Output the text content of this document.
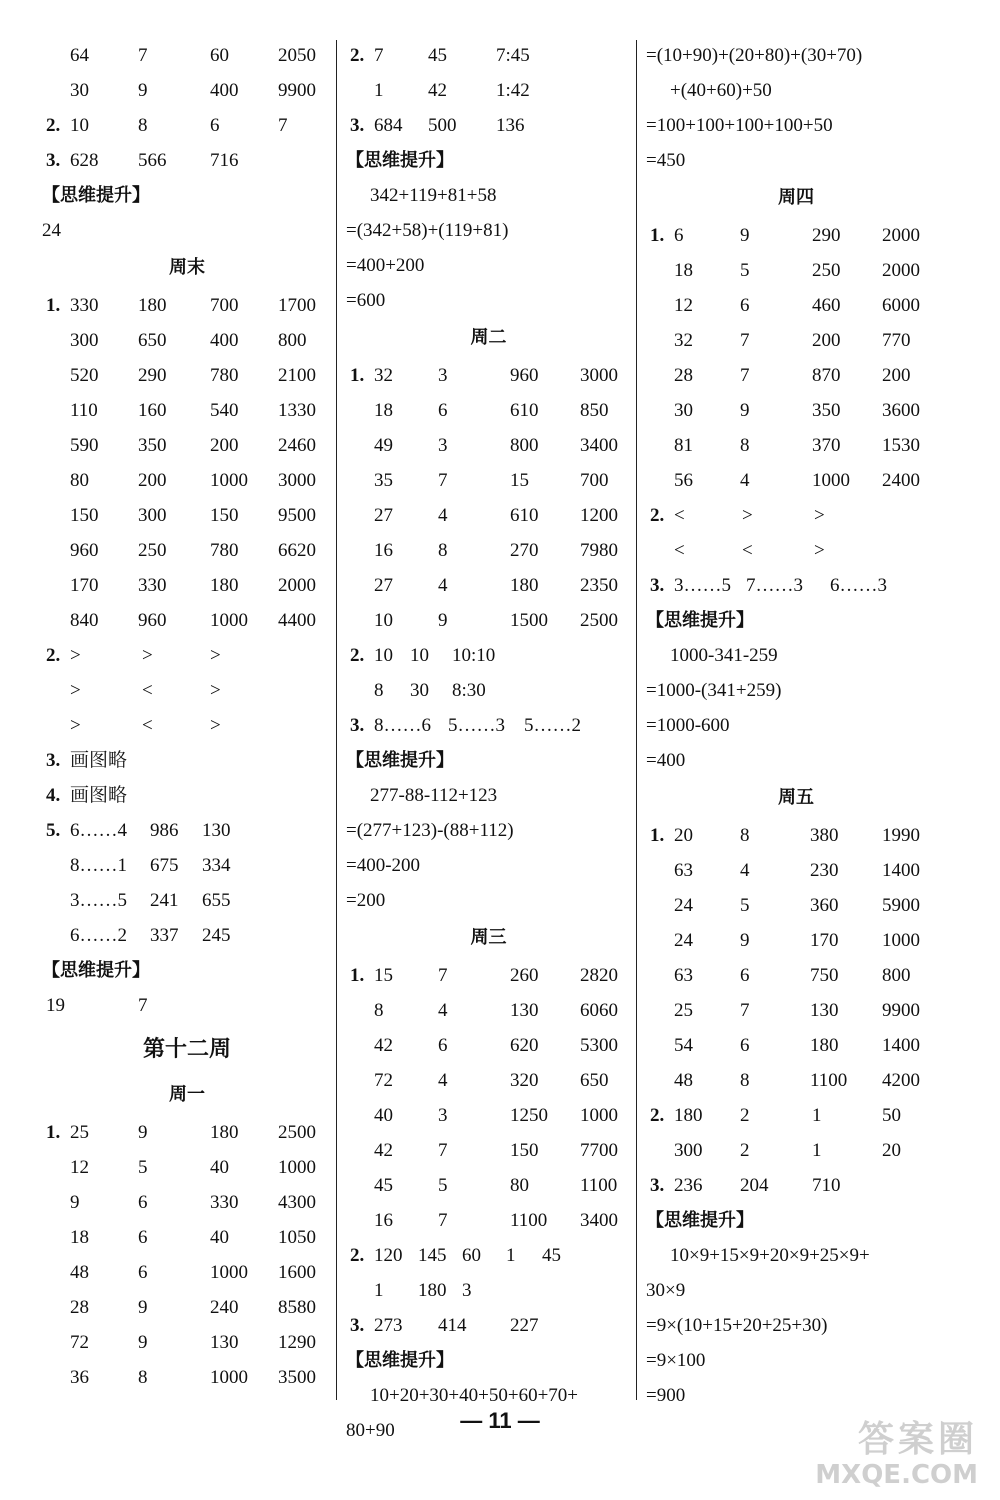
64	7	60	2050
30	9	400 9900
2. 10	8	6	7
3. 628 566 716
【思维提升】
24
周末
1. 330 180 700 1700
300 650 400 800
520 290 780 2100
110 160 540 1330
590 350 200 2460
80	200 1000 3000
150 300 150 9500
960 250 780 6620
170 330 180 2000
840 960 1000 4400
2. >	>	>
>	<	>
>	<	>
3. 画图略
4. 画图略
5. 6……4 986 130
8……1 675 334
3……5 241 655
6……2 337 245
【思维提升】
19	7
第十二周
周一
1. 25	9	180 2500
12	5	40	1000
9	6	330 4300
18	6	40	1050
48	6	1000 1600
28	9	240 8580
72	9	130 1290
36	8	1000 3500
2. 7 45	7:45
1 42	1:42
3. 684 500 136
【思维提升】
342+119+81+58
=(342+58)+(119+81)
=400+200
=600
周二
1. 32 3	960 3000
18 6	610 850
49 3	800 3400
35 7	15	700
27 4	610 1200
16 8	270 7980
27 4	180 2350
10 9	1500 2500
2. 10 10 10:10
8 30 8:30
3. 8……6 5……3 5……2
【思维提升】
277-88-112+123
=(277+123)-(88+112)
=400-200
=200
周三
1. 15 7	260 2820
8	4	130 6060
42 6	620 5300
72 4	320 650
40 3	1250 1000
42 7	150 7700
45 5	80	1100
16 7	1100 3400
2. 120 145 60 1 45
1 180 3
3. 273 414 227
【思维提升】
10+20+30+40+50+60+70+
80+90
=(10+90)+(20+80)+(30+70)
+(40+60)+50
=100+100+100+100+50
=450
周四
1. 6	9	290 2000
18 5	250 2000
12 6	460 6000
32 7	200 770
28 7	870 200
30 9	350 3600
81 8	370 1530
56 4	1000 2400
2. <	>	>
<	<	>
3. 3……5 7……3 6……3
【思维提升】
1000-341-259
=1000-(341+259)
=1000-600
=400
周五
1. 20 8	380 1990
63 4	230 1400
24 5	360 5900
24 9	170 1000
63 6	750 800
25 7	130 9900
54 6	180 1400
48 8	1100 4200
2. 180 2	1	50
300 2	1	20
3. 236 204 710
【思维提升】
10×9+15×9+20×9+25×9+
30×9
=9×(10+15+20+25+30)
=9×100
=900
— 11 —	答案圈
MXQE.COM
